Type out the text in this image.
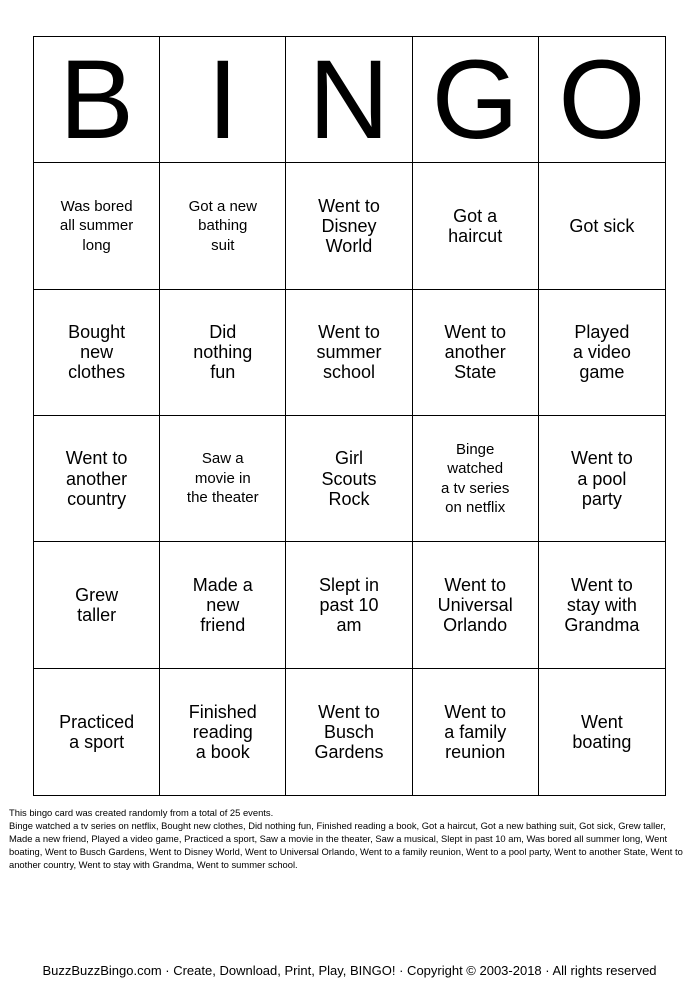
B I N G O
Was bored
all summer
long
Got a new
bathing
suit
Went to
Disney
World
Got a
haircut
Got sick
Bought
new
clothes
Did
nothing
fun
Went to
summer
school
Went to
another
State
Played
a video
game
Went to
another
country
Saw a
movie in
the theater
Girl
Scouts
Rock
Binge
watched
a tv series
on netflix
Went to
a pool
party
Grew
taller
Made a
new
friend
Slept in
past 10
am
Went to
Universal
Orlando
Went to
stay with
Grandma
Practiced
a sport
Finished
reading
a book
Went to
Busch
Gardens
Went to
a family
reunion
Went
boating

This bingo card was created randomly from a total of 25 events.

Binge watched a tv series on netflix, Bought new clothes, Did nothing fun, Finished reading a book, Got a haircut, Got a new bathing suit, Got sick, Grew taller, Made a new friend, Played a video game, Practiced a sport, Saw a movie in the theater, Saw a musical, Slept in past 10 am, Was bored all summer long, Went boating, Went to Busch Gardens, Went to Disney World, Went to Universal Orlando, Went to a family reunion, Went to a pool party, Went to another State, Went to another country, Went to stay with Grandma, Went to summer school.

BuzzBuzzBingo.com · Create, Download, Print, Play, BINGO! · Copyright © 2003-2018 · All rights reserved
